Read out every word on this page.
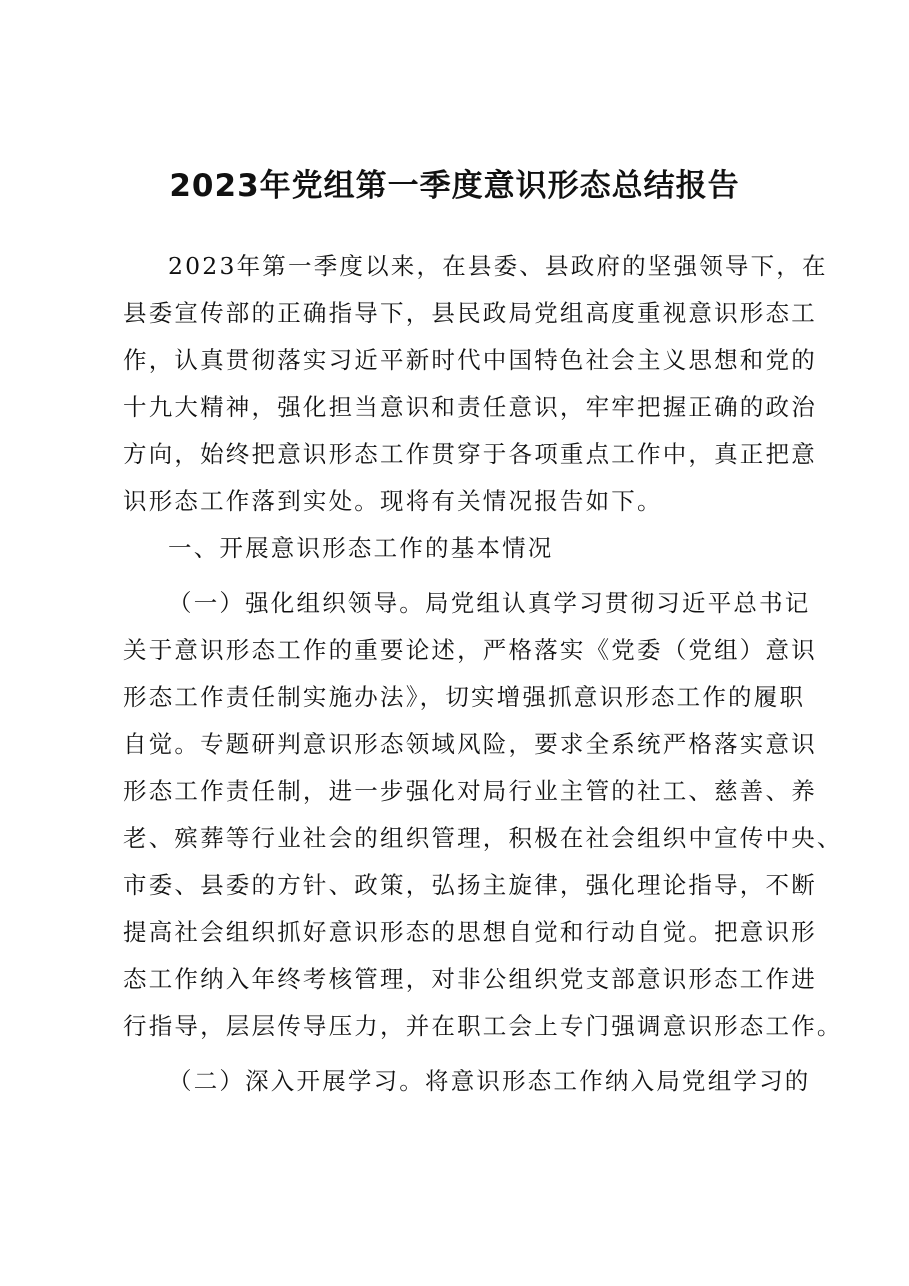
2023年党组第一季度意识形态总结报告
2023年第一季度以来，在县委、县政府的坚强领导下，在
县委宣传部的正确指导下，县民政局党组高度重视意识形态工
作，认真贯彻落实习近平新时代中国特色社会主义思想和党的
十九大精神，强化担当意识和责任意识，牢牢把握正确的政治
方向，始终把意识形态工作贯穿于各项重点工作中，真正把意
识形态工作落到实处。现将有关情况报告如下。
一、开展意识形态工作的基本情况
（一）强化组织领导。局党组认真学习贯彻习近平总书记
关于意识形态工作的重要论述，严格落实《党委（党组）意识
形态工作责任制实施办法》，切实增强抓意识形态工作的履职
自觉。专题研判意识形态领域风险，要求全系统严格落实意识
形态工作责任制，进一步强化对局行业主管的社工、慈善、养
老、殡葬等行业社会的组织管理，积极在社会组织中宣传中央、
市委、县委的方针、政策，弘扬主旋律，强化理论指导，不断
提高社会组织抓好意识形态的思想自觉和行动自觉。把意识形
态工作纳入年终考核管理，对非公组织党支部意识形态工作进
行指导，层层传导压力，并在职工会上专门强调意识形态工作。
（二）深入开展学习。将意识形态工作纳入局党组学习的
